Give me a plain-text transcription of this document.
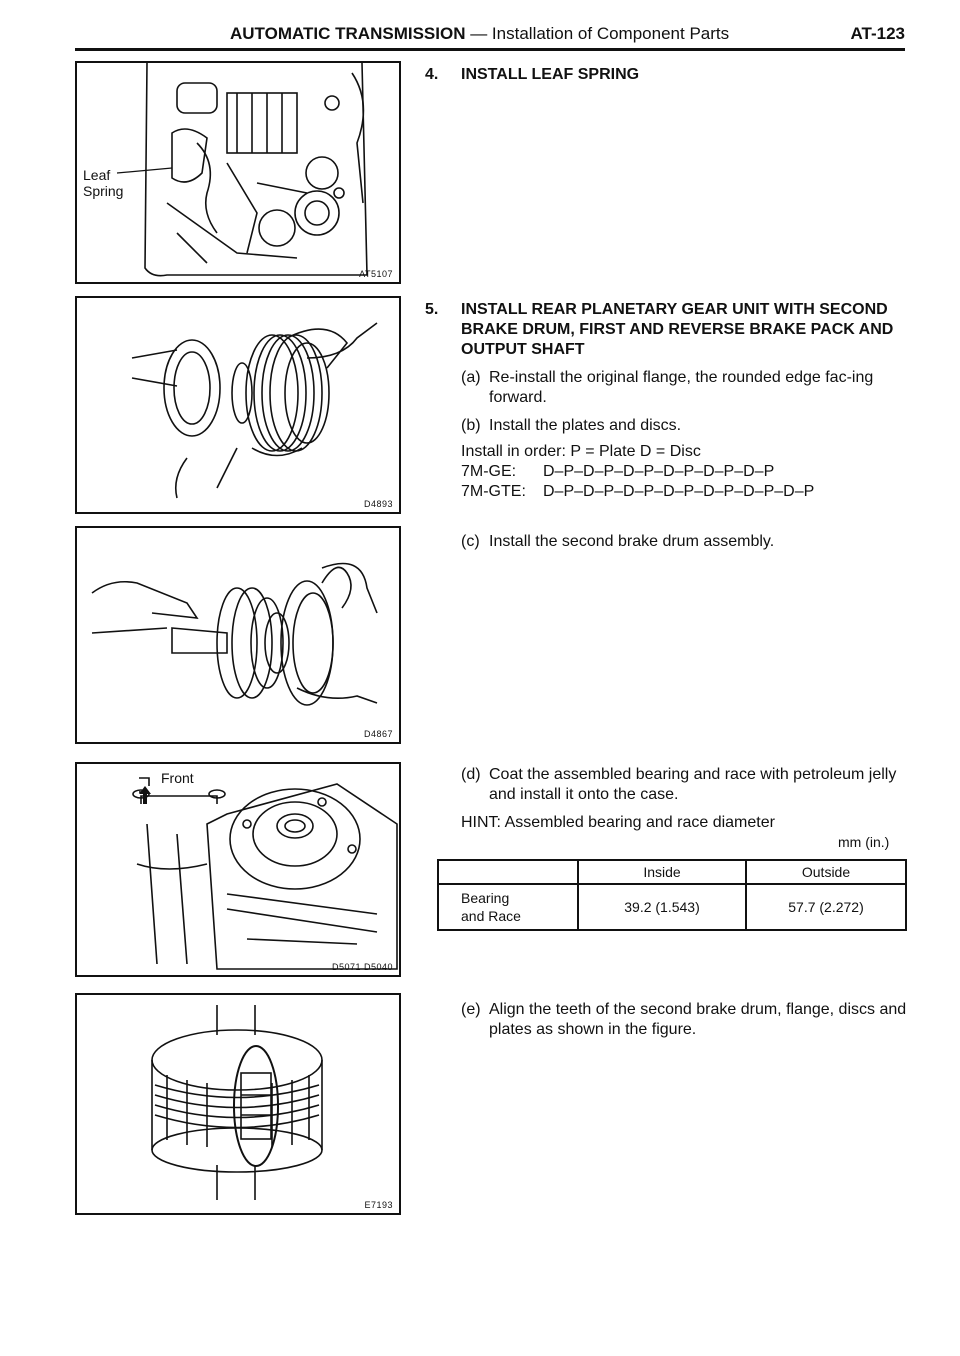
AUTOMATIC TRANSMISSION — Installation of Component Parts	AT-123
Leaf
Spring
AT5107
D4893
D4867
Front
D5071 D5040
E7193
4. INSTALL LEAF SPRING
5. INSTALL REAR PLANETARY GEAR UNIT WITH SECOND BRAKE DRUM, FIRST AND REVERSE BRAKE PACK AND OUTPUT SHAFT
(a) Re-install the original flange, the rounded edge fac-ing forward.
(b) Install the plates and discs.
Install in order: P = Plate D = Disc
7M-GE:	D–P–D–P–D–P–D–P–D–P–D–P
7M-GTE:	D–P–D–P–D–P–D–P–D–P–D–P–D–P
(c) Install the second brake drum assembly.
(d) Coat the assembled bearing and race with petroleum jelly and install it onto the case.
HINT: Assembled bearing and race diameter
mm (in.)
	Inside	Outside
Bearing
and Race	39.2 (1.543)	57.7 (2.272)
(e) Align the teeth of the second brake drum, flange, discs and plates as shown in the figure.
